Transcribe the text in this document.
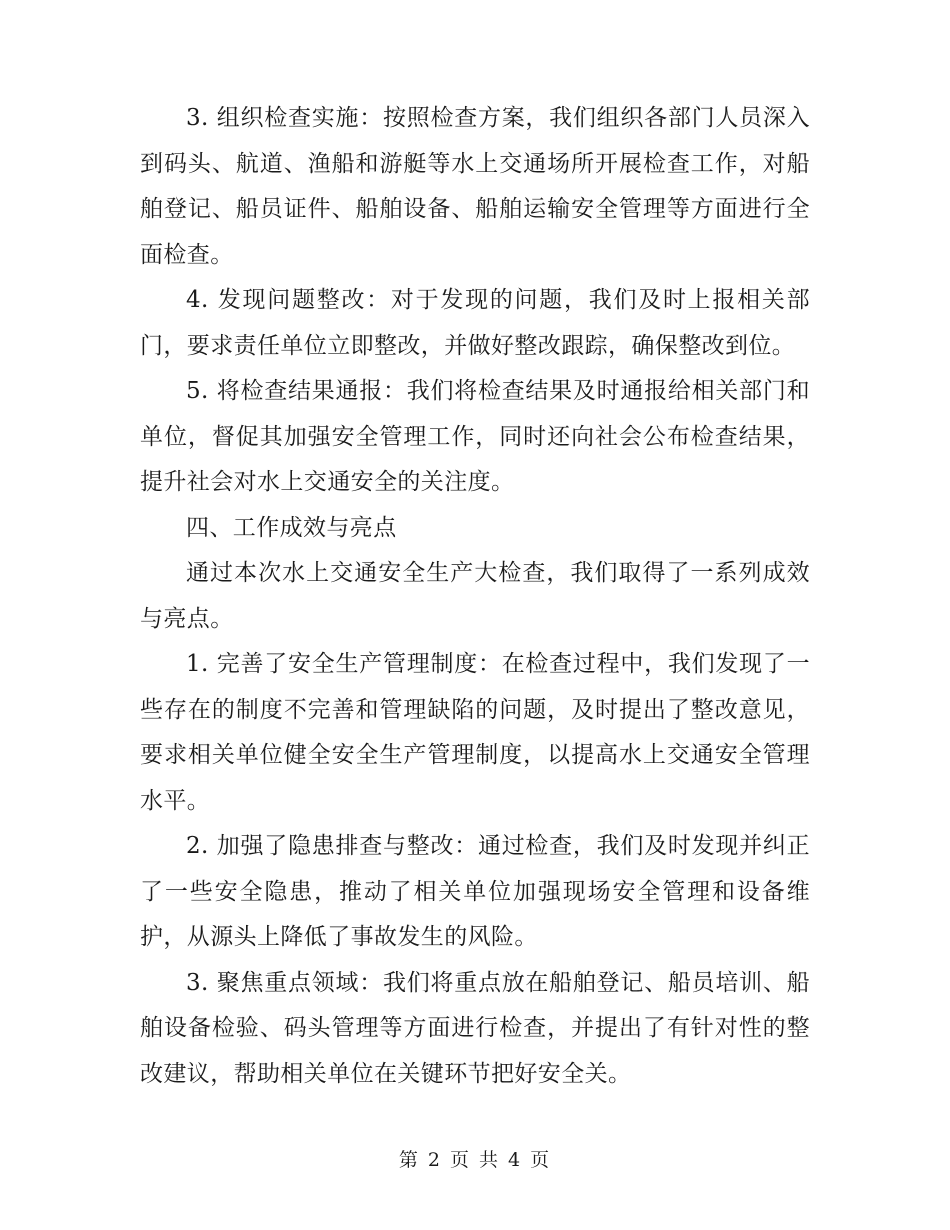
3. 组织检查实施：按照检查方案，我们组织各部门人员深入到码头、航道、渔船和游艇等水上交通场所开展检查工作，对船舶登记、船员证件、船舶设备、船舶运输安全管理等方面进行全面检查。

4. 发现问题整改：对于发现的问题，我们及时上报相关部门，要求责任单位立即整改，并做好整改跟踪，确保整改到位。

5. 将检查结果通报：我们将检查结果及时通报给相关部门和单位，督促其加强安全管理工作，同时还向社会公布检查结果，提升社会对水上交通安全的关注度。

四、工作成效与亮点

通过本次水上交通安全生产大检查，我们取得了一系列成效与亮点。

1. 完善了安全生产管理制度：在检查过程中，我们发现了一些存在的制度不完善和管理缺陷的问题，及时提出了整改意见，要求相关单位健全安全生产管理制度，以提高水上交通安全管理水平。

2. 加强了隐患排查与整改：通过检查，我们及时发现并纠正了一些安全隐患，推动了相关单位加强现场安全管理和设备维护，从源头上降低了事故发生的风险。

3. 聚焦重点领域：我们将重点放在船舶登记、船员培训、船舶设备检验、码头管理等方面进行检查，并提出了有针对性的整改建议，帮助相关单位在关键环节把好安全关。

第 2 页 共 4 页
